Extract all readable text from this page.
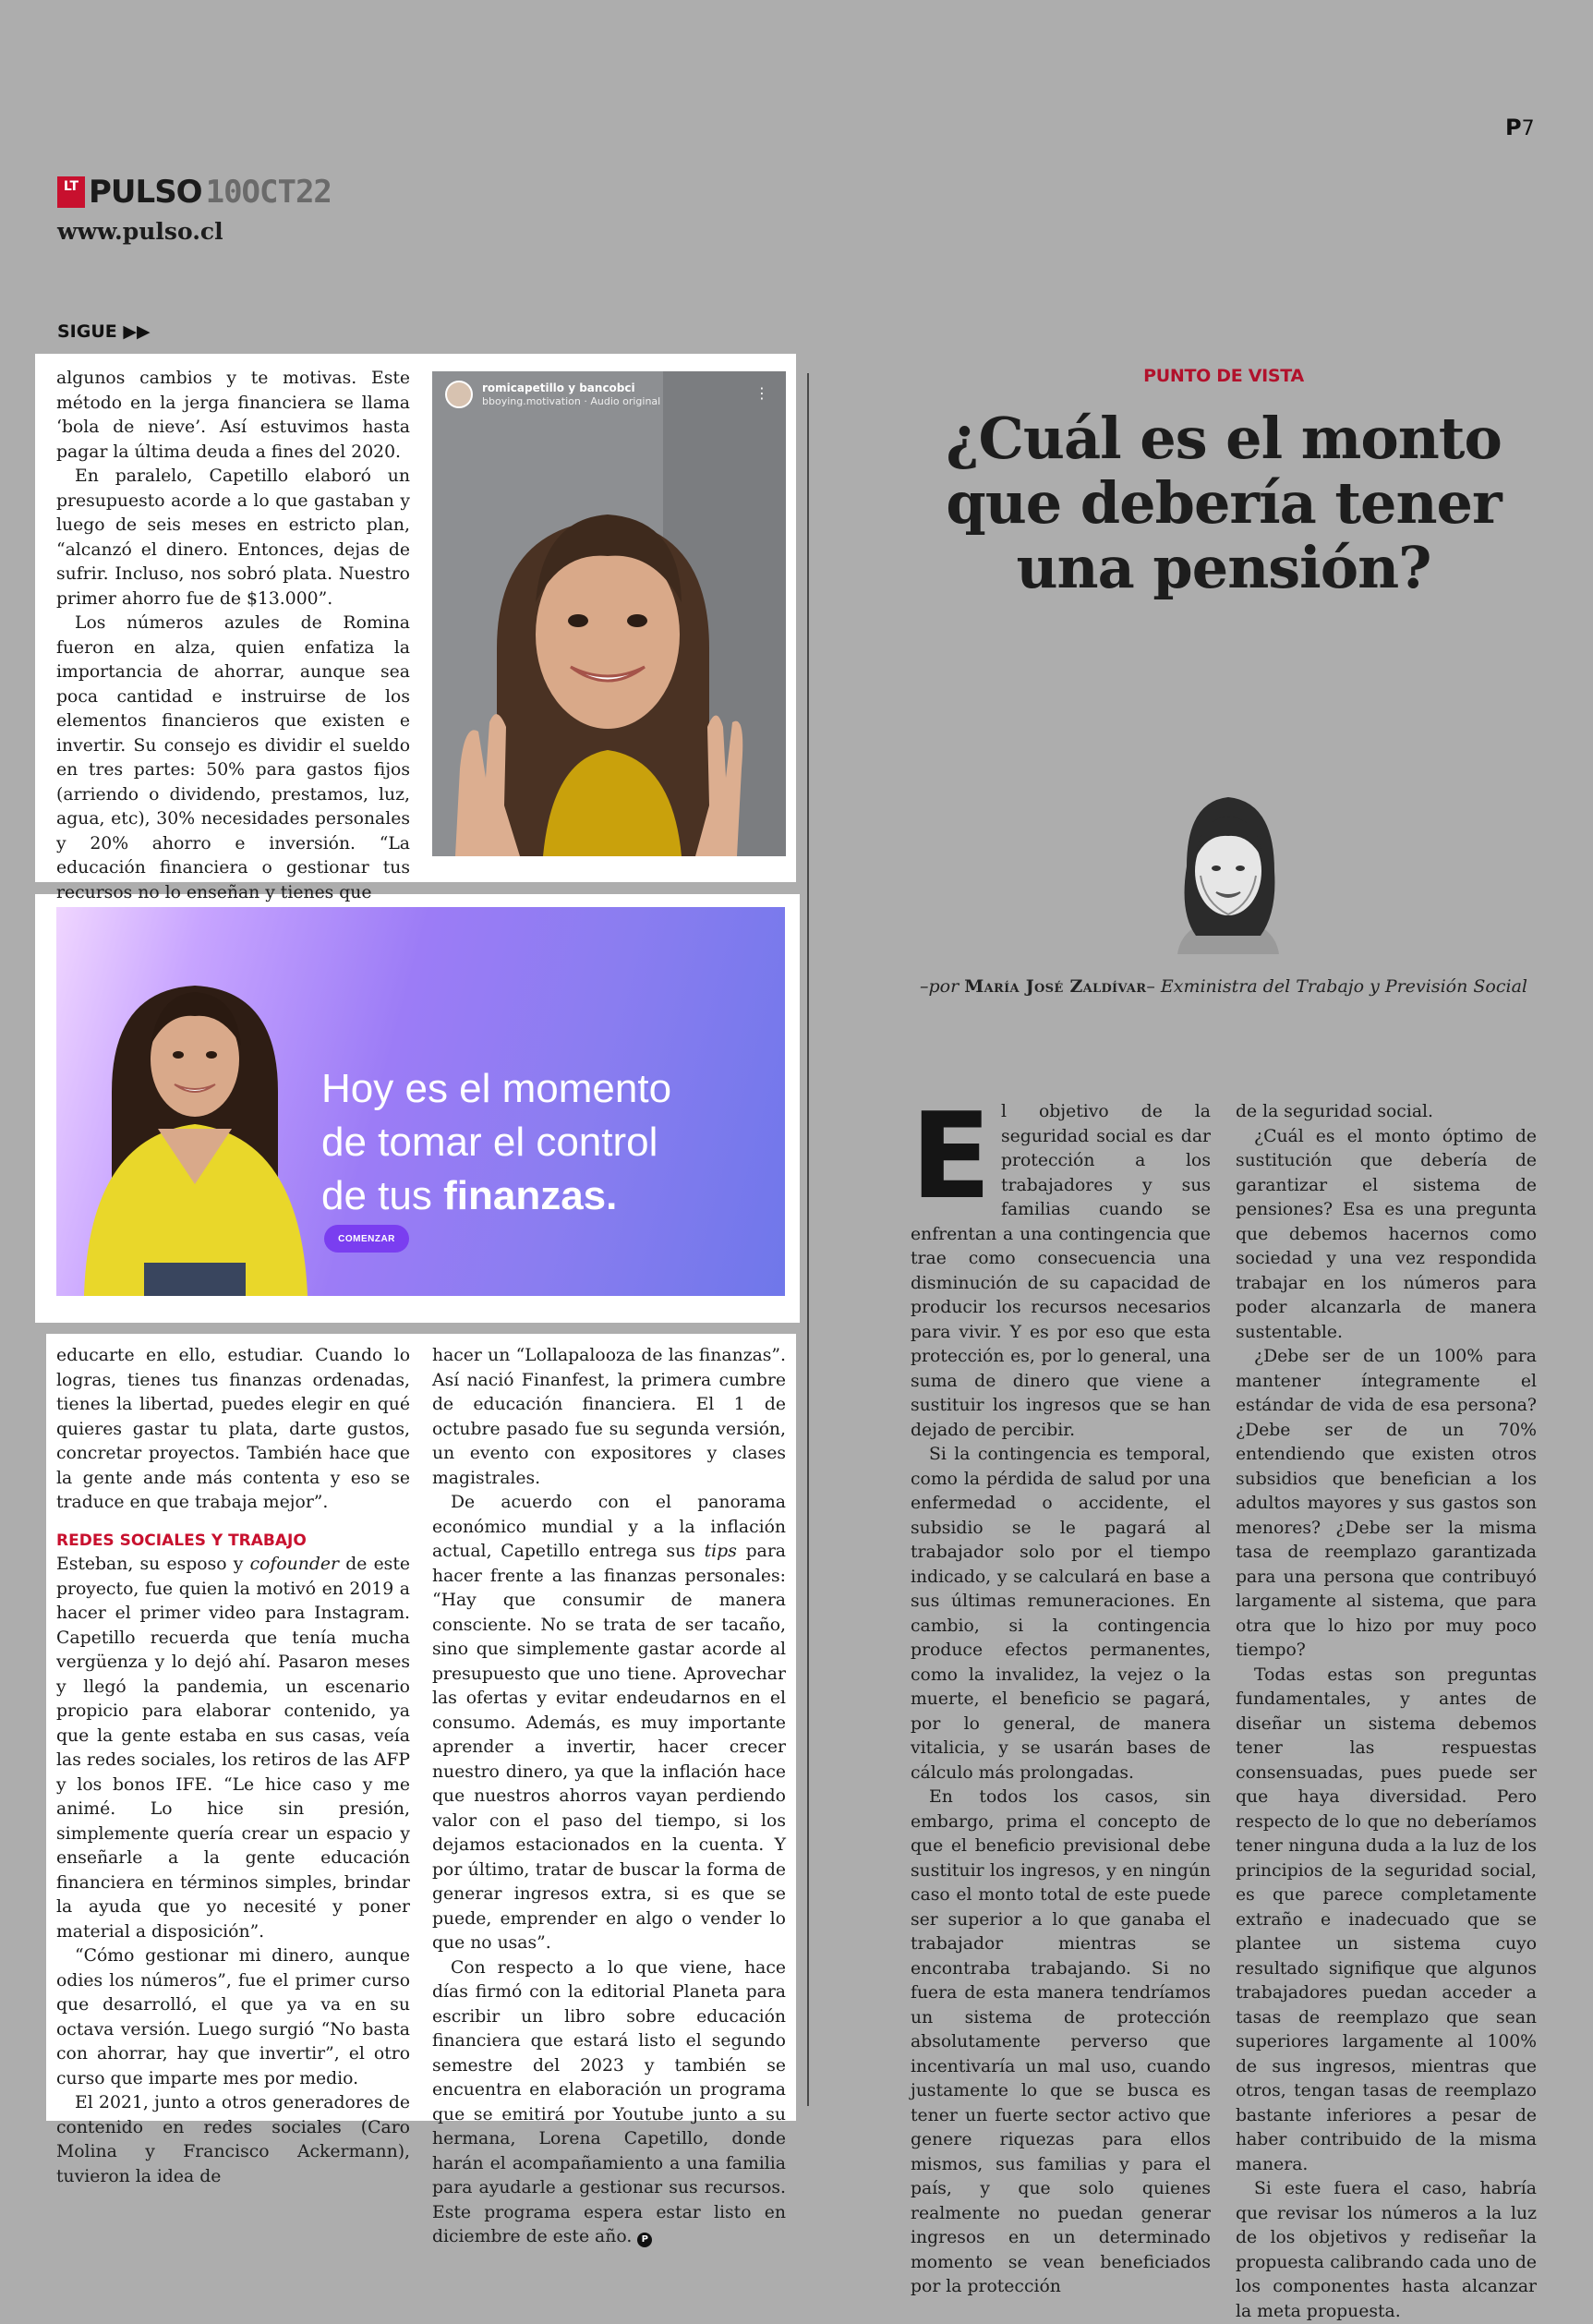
P7
LT PULSO 10OCT22
www.pulso.cl
SIGUE ▶▶

algunos cambios y te motivas. Este método en la jerga financiera se llama ‘bola de nieve’. Así estuvimos hasta pagar la última deuda a fines del 2020.

En paralelo, Capetillo elaboró un presupuesto acorde a lo que gastaban y luego de seis meses en estricto plan, “alcanzó el dinero. Entonces, dejas de sufrir. Incluso, nos sobró plata. Nuestro primer ahorro fue de $13.000”.

Los números azules de Romina fueron en alza, quien enfatiza la importancia de ahorrar, aunque sea poca cantidad e instruirse de los elementos financieros que existen e invertir. Su consejo es dividir el sueldo en tres partes: 50% para gastos fijos (arriendo o dividendo, prestamos, luz, agua, etc), 30% necesidades personales y 20% ahorro e inversión. “La educación financiera o gestionar tus recursos no lo enseñan y tienes que

romicapetillo y bancobci
bboying.motivation · Audio original	⋮
Hoy es el momento
de tomar el control
de tus finanzas.
COMENZAR

educarte en ello, estudiar. Cuando lo logras, tienes tus finanzas ordenadas, tienes la libertad, puedes elegir en qué quieres gastar tu plata, darte gustos, concretar proyectos. También hace que la gente ande más contenta y eso se traduce en que trabaja mejor”.

REDES SOCIALES Y TRABAJO

Esteban, su esposo y cofounder de este proyecto, fue quien la motivó en 2019 a hacer el primer video para Instagram. Capetillo recuerda que tenía mucha vergüenza y lo dejó ahí. Pasaron meses y llegó la pandemia, un escenario propicio para elaborar contenido, ya que la gente estaba en sus casas, veía las redes sociales, los retiros de las AFP y los bonos IFE. “Le hice caso y me animé. Lo hice sin presión, simplemente quería crear un espacio y enseñarle a la gente educación financiera en términos simples, brindar la ayuda que yo necesité y poner material a disposición”.

“Cómo gestionar mi dinero, aunque odies los números”, fue el primer curso que desarrolló, el que ya va en su octava versión. Luego surgió “No basta con ahorrar, hay que invertir”, el otro curso que imparte mes por medio.

El 2021, junto a otros generadores de contenido en redes sociales (Caro Molina y Francisco Ackermann), tuvieron la idea de

hacer un “Lollapalooza de las finanzas”. Así nació Finanfest, la primera cumbre de educación financiera. El 1 de octubre pasado fue su segunda versión, un evento con expositores y clases magistrales.

De acuerdo con el panorama económico mundial y a la inflación actual, Capetillo entrega sus tips para hacer frente a las finanzas personales: “Hay que consumir de manera consciente. No se trata de ser tacaño, sino que simplemente gastar acorde al presupuesto que uno tiene. Aprovechar las ofertas y evitar endeudarnos en el consumo. Además, es muy importante aprender a invertir, hacer crecer nuestro dinero, ya que la inflación hace que nuestros ahorros vayan perdiendo valor con el paso del tiempo, si los dejamos estacionados en la cuenta. Y por último, tratar de buscar la forma de generar ingresos extra, si es que se puede, emprender en algo o vender lo que no usas”.

Con respecto a lo que viene, hace días firmó con la editorial Planeta para escribir un libro sobre educación financiera que estará listo el segundo semestre del 2023 y también se encuentra en elaboración un programa que se emitirá por Youtube junto a su hermana, Lorena Capetillo, donde harán el acompañamiento a una familia para ayudarle a gestionar sus recursos. Este programa espera estar listo en diciembre de este año. P

PUNTO DE VISTA
¿Cuál es el monto que debería tener una pensión?
–por María José Zaldívar– Exministra del Trabajo y Previsión Social

El objetivo de la seguridad social es dar protección a los trabajadores y sus familias cuando se enfrentan a una contingencia que trae como consecuencia una disminución de su capacidad de producir los recursos necesarios para vivir. Y es por eso que esta protección es, por lo general, una suma de dinero que viene a sustituir los ingresos que se han dejado de percibir.

Si la contingencia es temporal, como la pérdida de salud por una enfermedad o accidente, el subsidio se le pagará al trabajador solo por el tiempo indicado, y se calculará en base a sus últimas remuneraciones. En cambio, si la contingencia produce efectos permanentes, como la invalidez, la vejez o la muerte, el beneficio se pagará, por lo general, de manera vitalicia, y se usarán bases de cálculo más prolongadas.

En todos los casos, sin embargo, prima el concepto de que el beneficio previsional debe sustituir los ingresos, y en ningún caso el monto total de este puede ser superior a lo que ganaba el trabajador mientras se encontraba trabajando. Si no fuera de esta manera tendríamos un sistema de protección absolutamente perverso que incentivaría un mal uso, cuando justamente lo que se busca es tener un fuerte sector activo que genere riquezas para ellos mismos, sus familias y para el país, y que solo quienes realmente no puedan generar ingresos en un determinado momento se vean beneficiados por la protección

de la seguridad social.

¿Cuál es el monto óptimo de sustitución que debería de garantizar el sistema de pensiones? Esa es una pregunta que debemos hacernos como sociedad y una vez respondida trabajar en los números para poder alcanzarla de manera sustentable.

¿Debe ser de un 100% para mantener íntegramente el estándar de vida de esa persona? ¿Debe ser de un 70% entendiendo que existen otros subsidios que benefician a los adultos mayores y sus gastos son menores? ¿Debe ser la misma tasa de reemplazo garantizada para una persona que contribuyó largamente al sistema, que para otra que lo hizo por muy poco tiempo?

Todas estas son preguntas fundamentales, y antes de diseñar un sistema debemos tener las respuestas consensuadas, pues puede ser que haya diversidad. Pero respecto de lo que no deberíamos tener ninguna duda a la luz de los principios de la seguridad social, es que parece completamente extraño e inadecuado que se plantee un sistema cuyo resultado signifique que algunos trabajadores puedan acceder a tasas de reemplazo que sean superiores largamente al 100% de sus ingresos, mientras que otros, tengan tasas de reemplazo bastante inferiores a pesar de haber contribuido de la misma manera.

Si este fuera el caso, habría que revisar los números a la luz de los objetivos y rediseñar la propuesta calibrando cada uno de los componentes hasta alcanzar la meta propuesta.
